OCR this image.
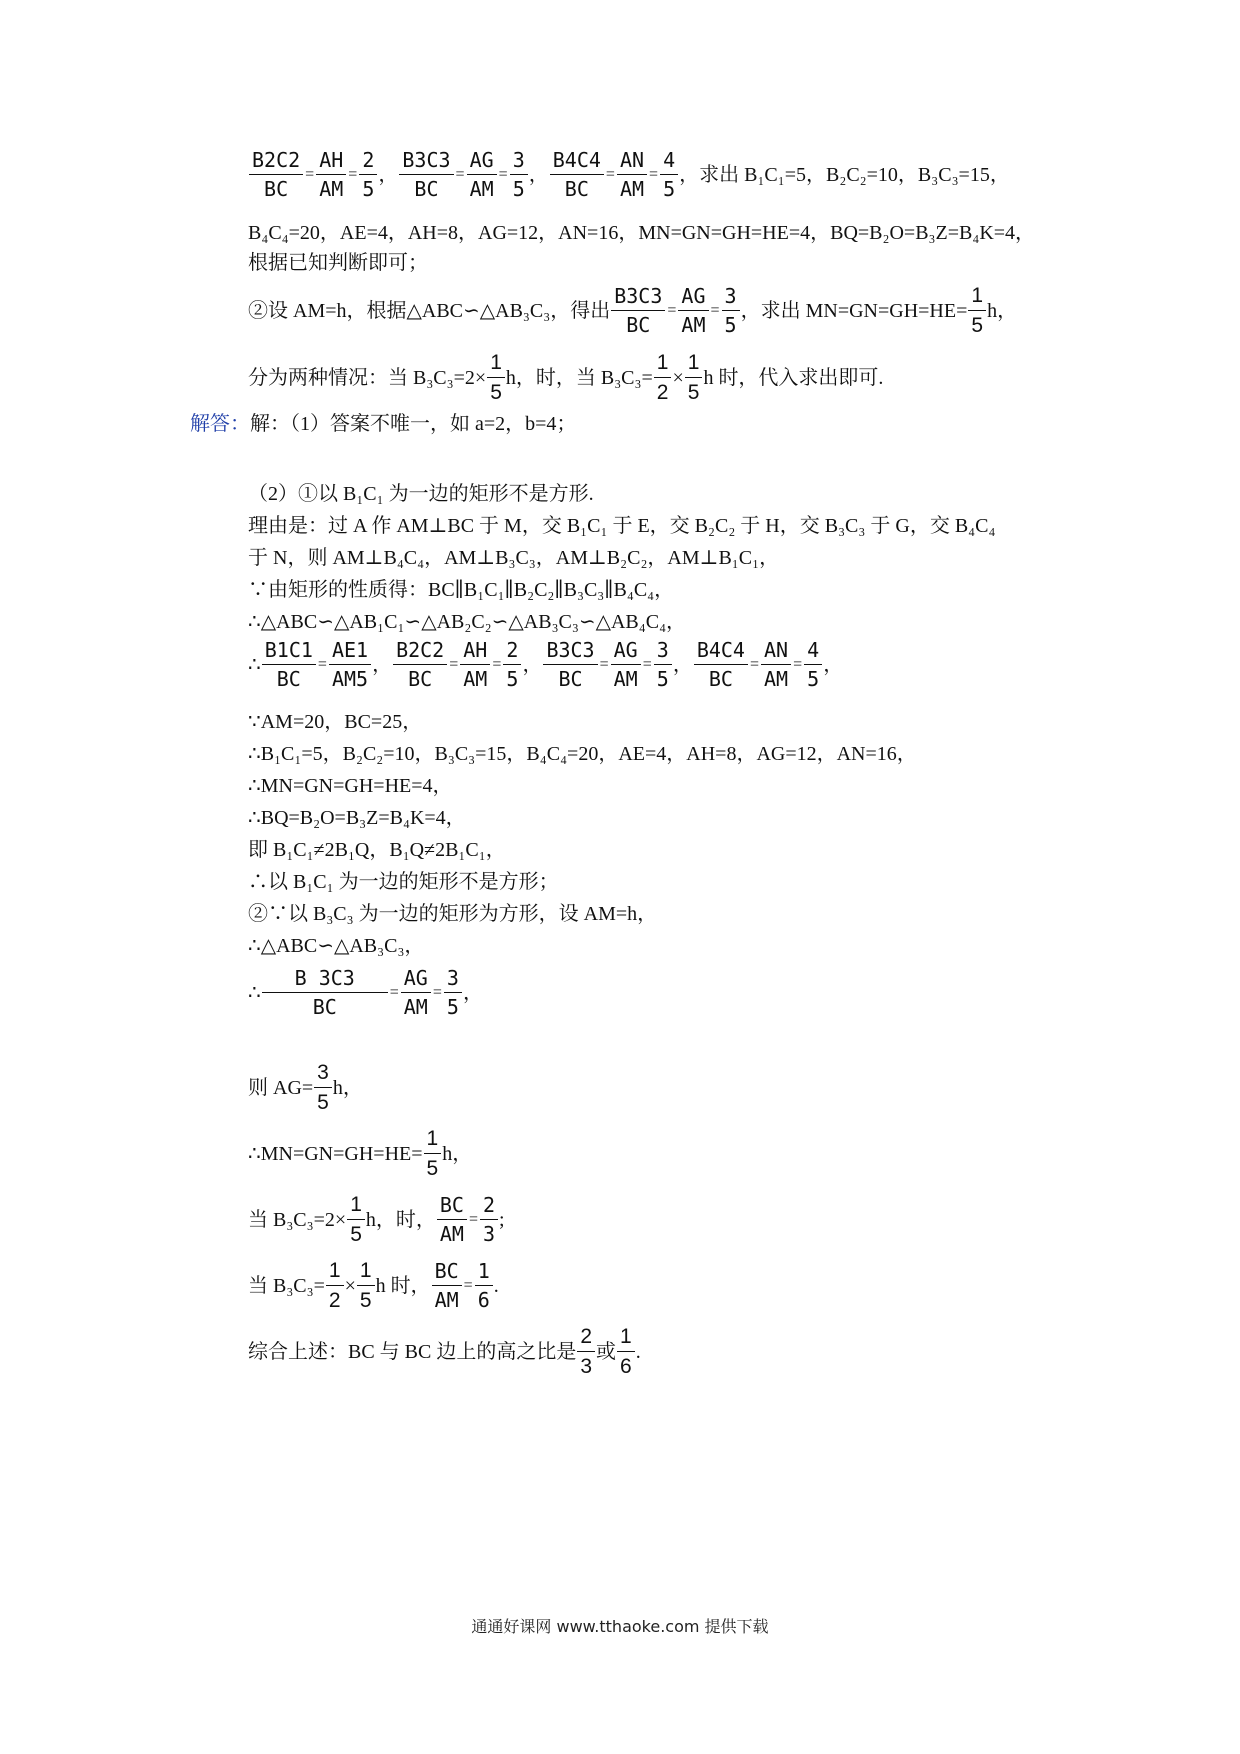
$\frac{B2C2}{BC} = \frac{AH}{AM} = \frac{2}{5}$ ， $\frac{B3C3}{BC} = \frac{AG}{AM} = \frac{3}{5}$ ， $\frac{B4C4}{BC} = \frac{AN}{AM} = \frac{4}{5}$ ，求出 B₁C₁=5，B₂C₂=10，B₃C₃=15，
B₄C₄=20，AE=4，AH=8，AG=12，AN=16，MN=GN=GH=HE=4，BQ=B₂O=B₃Z=B₄K=4，
根据已知判断即可；
②设 AM=h，根据△ABC∽△AB₃C₃，得出 $\frac{B3C3}{BC} = \frac{AG}{AM} = \frac{3}{5}$ ，求出 $MN=GN=GH=HE= \frac{1}{5}$ h，
分为两种情况：当 $B_3C_3=2\times \frac{1}{5}$ h，时，当 $B_3C_3= \frac{1}{2} \times \frac{1}{5}$ h 时，代入求出即可.
解答： 解：（1）答案不唯一，如 a=2，b=4；
（2）①以 B₁C₁ 为一边的矩形不是方形.
理由是：过 A 作 AM⊥BC 于 M，交 B₁C₁ 于 E，交 B₂C₂ 于 H，交 B₃C₃ 于 G，交 B₄C₄
于 N，则 AM⊥B₄C₄，AM⊥B₃C₃，AM⊥B₂C₂，AM⊥B₁C₁，
∵由矩形的性质得：BC∥B₁C₁∥B₂C₂∥B₃C₃∥B₄C₄，
∴△ABC∽△AB₁C₁∽△AB₂C₂∽△AB₃C₃∽△AB₄C₄，
∴ $\frac{B1C1}{BC} = \frac{AE1}{AM5}$ ， $\frac{B2C2}{BC} = \frac{AH}{AM} = \frac{2}{5}$ ， $\frac{B3C3}{BC} = \frac{AG}{AM} = \frac{3}{5}$ ， $\frac{B4C4}{BC} = \frac{AN}{AM} = \frac{4}{5}$ ，
∵AM=20，BC=25，
∴B₁C₁=5，B₂C₂=10，B₃C₃=15，B₄C₄=20，AE=4，AH=8，AG=12，AN=16，
∴MN=GN=GH=HE=4，
∴BQ=B₂O=B₃Z=B₄K=4，
即 B₁C₁≠2B₁Q，B₁Q≠2B₁C₁，
∴以 B₁C₁ 为一边的矩形不是方形；
②∵以 B₃C₃ 为一边的矩形为方形，设 AM=h，
∴△ABC∽△AB₃C₃，
∴ $\frac{B 3C3}{BC} = \frac{AG}{AM} = \frac{3}{5}$ ，
则 $AG= \frac{3}{5}$ h，
∴MN=GN=GH=HE= $\frac{1}{5}$ h，
当 $B_3C_3=2\times \frac{1}{5}$ h，时， $\frac{BC}{AM} = \frac{2}{3}$ ;
当 $B_3C_3= \frac{1}{2} \times \frac{1}{5}$ h 时， $\frac{BC}{AM} = \frac{1}{6}$ .
综合上述：BC 与 BC 边上的高之比是 $\frac{2}{3}$ 或 $\frac{1}{6}$ .
通通好课网 www.tthaoke.com 提供下载
